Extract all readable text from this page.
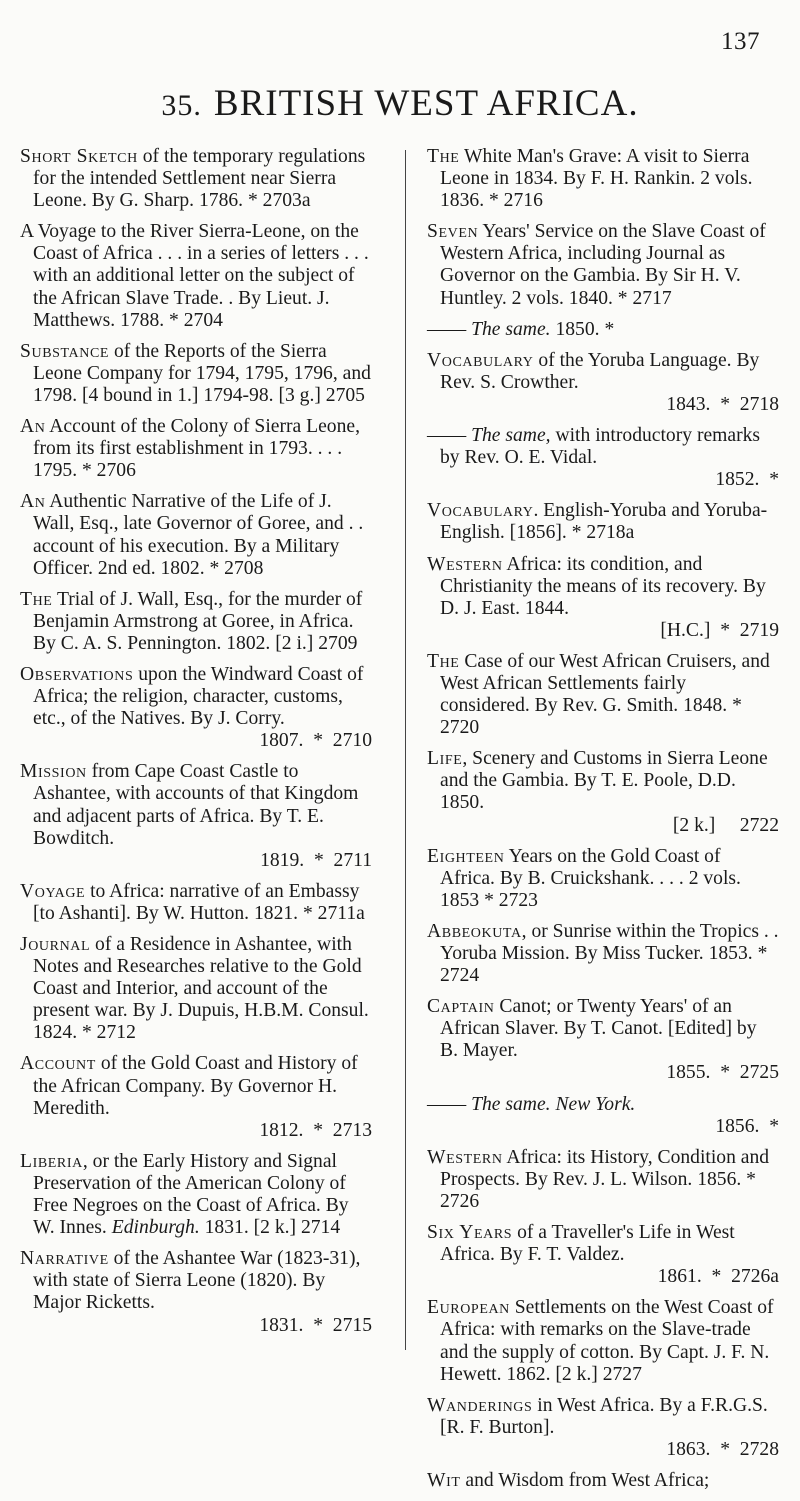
137
35. BRITISH WEST AFRICA.

Short Sketch of the temporary regulations for the intended Settlement near Sierra Leone. By G. Sharp. 1786. * 2703a

A Voyage to the River Sierra-Leone, on the Coast of Africa . . . in a series of letters . . . with an additional letter on the subject of the African Slave Trade. . By Lieut. J. Matthews. 1788. * 2704

Substance of the Reports of the Sierra Leone Company for 1794, 1795, 1796, and 1798. [4 bound in 1.] 1794-98. [3 g.] 2705

An Account of the Colony of Sierra Leone, from its first establishment in 1793. . . . 1795. * 2706

An Authentic Narrative of the Life of J. Wall, Esq., late Governor of Goree, and . . account of his execution. By a Military Officer. 2nd ed. 1802. * 2708

The Trial of J. Wall, Esq., for the murder of Benjamin Armstrong at Goree, in Africa. By C. A. S. Pennington. 1802. [2 i.] 2709

Observations upon the Windward Coast of Africa; the religion, character, customs, etc., of the Natives. By J. Corry.
1807.  *  2710

Mission from Cape Coast Castle to Ashantee, with accounts of that Kingdom and adjacent parts of Africa. By T. E. Bowditch.
1819.  *  2711

Voyage to Africa: narrative of an Embassy [to Ashanti]. By W. Hutton. 1821. * 2711a

Journal of a Residence in Ashantee, with Notes and Researches relative to the Gold Coast and Interior, and account of the present war. By J. Dupuis, H.B.M. Consul. 1824. * 2712

Account of the Gold Coast and History of the African Company. By Governor H. Meredith.
1812.  *  2713

Liberia, or the Early History and Signal Preservation of the American Colony of Free Negroes on the Coast of Africa. By W. Innes. Edinburgh. 1831. [2 k.] 2714

Narrative of the Ashantee War (1823-31), with state of Sierra Leone (1820). By Major Ricketts.
1831.  *  2715

The White Man's Grave: A visit to Sierra Leone in 1834. By F. H. Rankin. 2 vols. 1836. * 2716

Seven Years' Service on the Slave Coast of Western Africa, including Journal as Governor on the Gambia. By Sir H. V. Huntley. 2 vols. 1840. * 2717

—— The same. 1850. *

Vocabulary of the Yoruba Language. By Rev. S. Crowther.
1843.  *  2718

—— The same, with introductory remarks by Rev. O. E. Vidal.
1852.  *

Vocabulary. English-Yoruba and Yoruba-English. [1856]. * 2718a

Western Africa: its condition, and Christianity the means of its recovery. By D. J. East. 1844.
[H.C.]  *  2719

The Case of our West African Cruisers, and West African Settlements fairly considered. By Rev. G. Smith. 1848. * 2720

Life, Scenery and Customs in Sierra Leone and the Gambia. By T. E. Poole, D.D. 1850.
[2 k.]     2722

Eighteen Years on the Gold Coast of Africa. By B. Cruickshank. . . . 2 vols. 1853 * 2723

Abbeokuta, or Sunrise within the Tropics . . Yoruba Mission. By Miss Tucker. 1853. * 2724

Captain Canot; or Twenty Years' of an African Slaver. By T. Canot. [Edited] by B. Mayer.
1855.  *  2725

—— The same. New York.
1856.  *

Western Africa: its History, Condition and Prospects. By Rev. J. L. Wilson. 1856. * 2726

Six Years of a Traveller's Life in West Africa. By F. T. Valdez.
1861.  *  2726a

European Settlements on the West Coast of Africa: with remarks on the Slave-trade and the supply of cotton. By Capt. J. F. N. Hewett. 1862. [2 k.] 2727

Wanderings in West Africa. By a F.R.G.S. [R. F. Burton].
1863.  *  2728

Wit and Wisdom from West Africa;
